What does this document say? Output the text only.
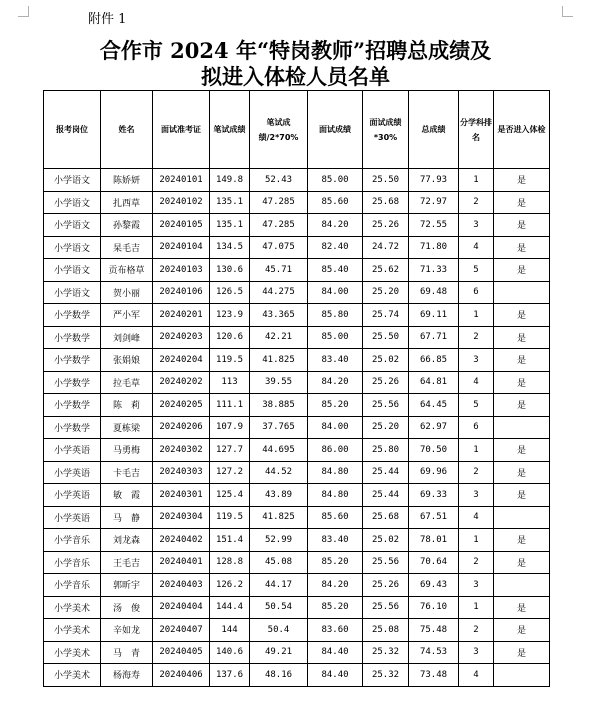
附件 1
合作市 2024 年“特岗教师”招聘总成绩及
拟进入体检人员名单
报考岗位	姓名	面试准考证	笔试成绩	笔试成绩/2*70%	面试成绩	面试成绩*30%	总成绩	分学科排名	是否进入体检
小学语文	陈娇妍	20240101	149.8	52.43	85.00	25.50	77.93	1	是
小学语文	扎西草	20240102	135.1	47.285	85.60	25.68	72.97	2	是
小学语文	孙黎霞	20240105	135.1	47.285	84.20	25.26	72.55	3	是
小学语文	杲毛吉	20240104	134.5	47.075	82.40	24.72	71.80	4	是
小学语文	贡布格草	20240103	130.6	45.71	85.40	25.62	71.33	5	是
小学语文	贺小丽	20240106	126.5	44.275	84.00	25.20	69.48	6	
小学数学	严小军	20240201	123.9	43.365	85.80	25.74	69.11	1	是
小学数学	刘剑峰	20240203	120.6	42.21	85.00	25.50	67.71	2	是
小学数学	张娟娘	20240204	119.5	41.825	83.40	25.02	66.85	3	是
小学数学	拉毛草	20240202	113	39.55	84.20	25.26	64.81	4	是
小学数学	陈　莉	20240205	111.1	38.885	85.20	25.56	64.45	5	是
小学数学	夏栋梁	20240206	107.9	37.765	84.00	25.20	62.97	6	
小学英语	马勇梅	20240302	127.7	44.695	86.00	25.80	70.50	1	是
小学英语	卡毛吉	20240303	127.2	44.52	84.80	25.44	69.96	2	是
小学英语	敏　霞	20240301	125.4	43.89	84.80	25.44	69.33	3	是
小学英语	马　静	20240304	119.5	41.825	85.60	25.68	67.51	4	
小学音乐	刘龙森	20240402	151.4	52.99	83.40	25.02	78.01	1	是
小学音乐	王毛吉	20240401	128.8	45.08	85.20	25.56	70.64	2	是
小学音乐	郭昕宇	20240403	126.2	44.17	84.20	25.26	69.43	3	
小学美术	汤　俊	20240404	144.4	50.54	85.20	25.56	76.10	1	是
小学美术	辛如龙	20240407	144	50.4	83.60	25.08	75.48	2	是
小学美术	马　青	20240405	140.6	49.21	84.40	25.32	74.53	3	是
小学美术	杨海寿	20240406	137.6	48.16	84.40	25.32	73.48	4	
